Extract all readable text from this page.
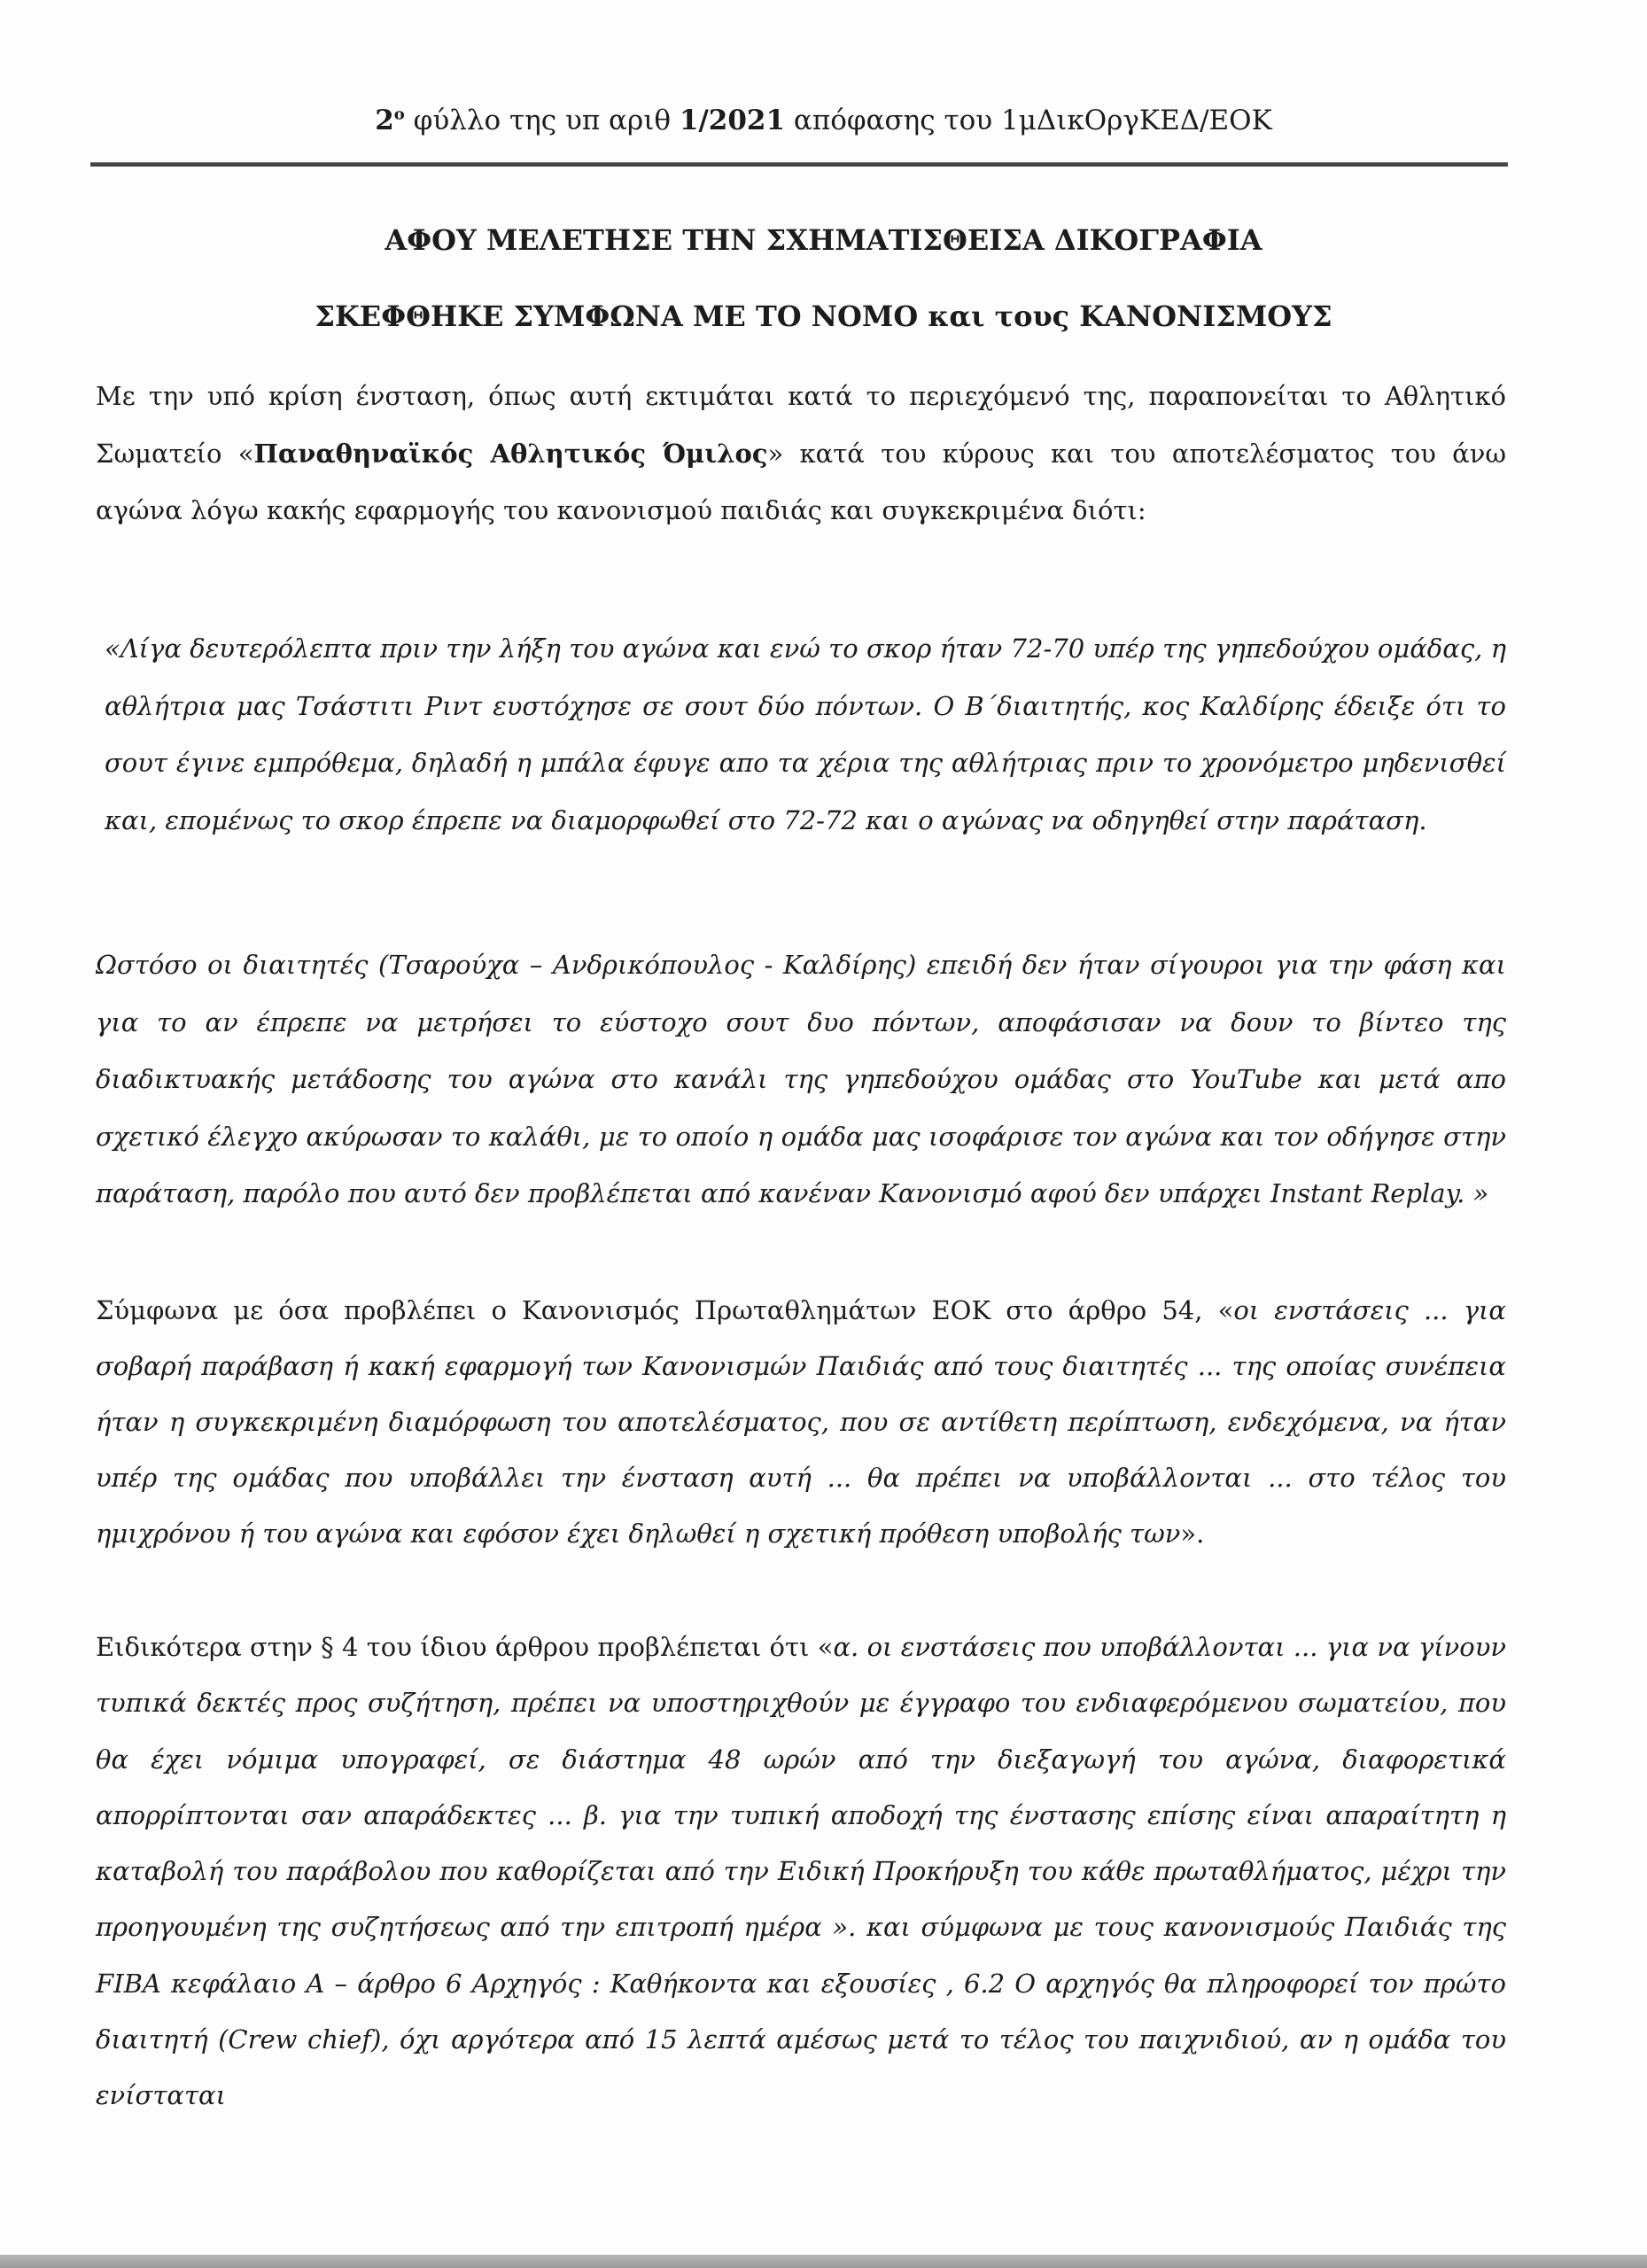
$2^o$ φύλλο της υπ αριθ 1/2021 απόφασης του 1μΔικΟργΚΕΔ/ΕΟΚ
ΑΦΟΥ ΜΕΛΕΤΗΣΕ ΤΗΝ ΣΧΗΜΑΤΙΣΘΕΙΣΑ ΔΙΚΟΓΡΑΦΙΑ
ΣΚΕΦΘΗΚΕ ΣΥΜΦΩΝΑ ΜΕ ΤΟ ΝΟΜΟ και τους ΚΑΝΟΝΙΣΜΟΥΣ

Με την υπό κρίση ένσταση, όπως αυτή εκτιμάται κατά το περιεχόμενό της, παραπονείται το Αθλητικό Σωματείο «Παναθηναϊκός Αθλητικός Όμιλος» κατά του κύρους και του αποτελέσματος του άνω αγώνα λόγω κακής εφαρμογής του κανονισμού παιδιάς και συγκεκριμένα διότι:

«Λίγα δευτερόλεπτα πριν την λήξη του αγώνα και ενώ το σκορ ήταν 72-70 υπέρ της γηπεδούχου ομάδας, η αθλήτρια μας Τσάστιτι Ριντ ευστόχησε σε σουτ δύο πόντων. Ο Β΄διαιτητής, κος Καλδίρης έδειξε ότι το σουτ έγινε εμπρόθεμα, δηλαδή η μπάλα έφυγε απο τα χέρια της αθλήτριας πριν το χρονόμετρο μηδενισθεί και, επομένως το σκορ έπρεπε να διαμορφωθεί στο 72-72 και ο αγώνας να οδηγηθεί στην παράταση.

Ωστόσο οι διαιτητές (Τσαρούχα – Ανδρικόπουλος - Καλδίρης) επειδή δεν ήταν σίγουροι για την φάση και για το αν έπρεπε να μετρήσει το εύστοχο σουτ δυο πόντων, αποφάσισαν να δουν το βίντεο της διαδικτυακής μετάδοσης του αγώνα στο κανάλι της γηπεδούχου ομάδας στο YouTube και μετά απο σχετικό έλεγχο ακύρωσαν το καλάθι, με το οποίο η ομάδα μας ισοφάρισε τον αγώνα και τον οδήγησε στην παράταση, παρόλο που αυτό δεν προβλέπεται από κανέναν Κανονισμό αφού δεν υπάρχει Instant Replay. »

Σύμφωνα με όσα προβλέπει ο Κανονισμός Πρωταθλημάτων ΕΟΚ στο άρθρο 54, «οι ενστάσεις ... για σοβαρή παράβαση ή κακή εφαρμογή των Κανονισμών Παιδιάς από τους διαιτητές ... της οποίας συνέπεια ήταν η συγκεκριμένη διαμόρφωση του αποτελέσματος, που σε αντίθετη περίπτωση, ενδεχόμενα, να ήταν υπέρ της ομάδας που υποβάλλει την ένσταση αυτή ... θα πρέπει να υποβάλλονται ... στο τέλος του ημιχρόνου ή του αγώνα και εφόσον έχει δηλωθεί η σχετική πρόθεση υποβολής των».

Ειδικότερα στην § 4 του ίδιου άρθρου προβλέπεται ότι «α. οι ενστάσεις που υποβάλλονται ... για να γίνουν τυπικά δεκτές προς συζήτηση, πρέπει να υποστηριχθούν με έγγραφο του ενδιαφερόμενου σωματείου, που θα έχει νόμιμα υπογραφεί, σε διάστημα 48 ωρών από την διεξαγωγή του αγώνα, διαφορετικά απορρίπτονται σαν απαράδεκτες ... β. για την τυπική αποδοχή της ένστασης επίσης είναι απαραίτητη η καταβολή του παράβολου που καθορίζεται από την Ειδική Προκήρυξη του κάθε πρωταθλήματος, μέχρι την προηγουμένη της συζητήσεως από την επιτροπή ημέρα ». και σύμφωνα με τους κανονισμούς Παιδιάς της FIBA κεφάλαιο Α – άρθρο 6 Αρχηγός : Καθήκοντα και εξουσίες , 6.2 Ο αρχηγός θα πληροφορεί τον πρώτο διαιτητή (Crew chief), όχι αργότερα από 15 λεπτά αμέσως μετά το τέλος του παιχνιδιού, αν η ομάδα του ενίσταται
